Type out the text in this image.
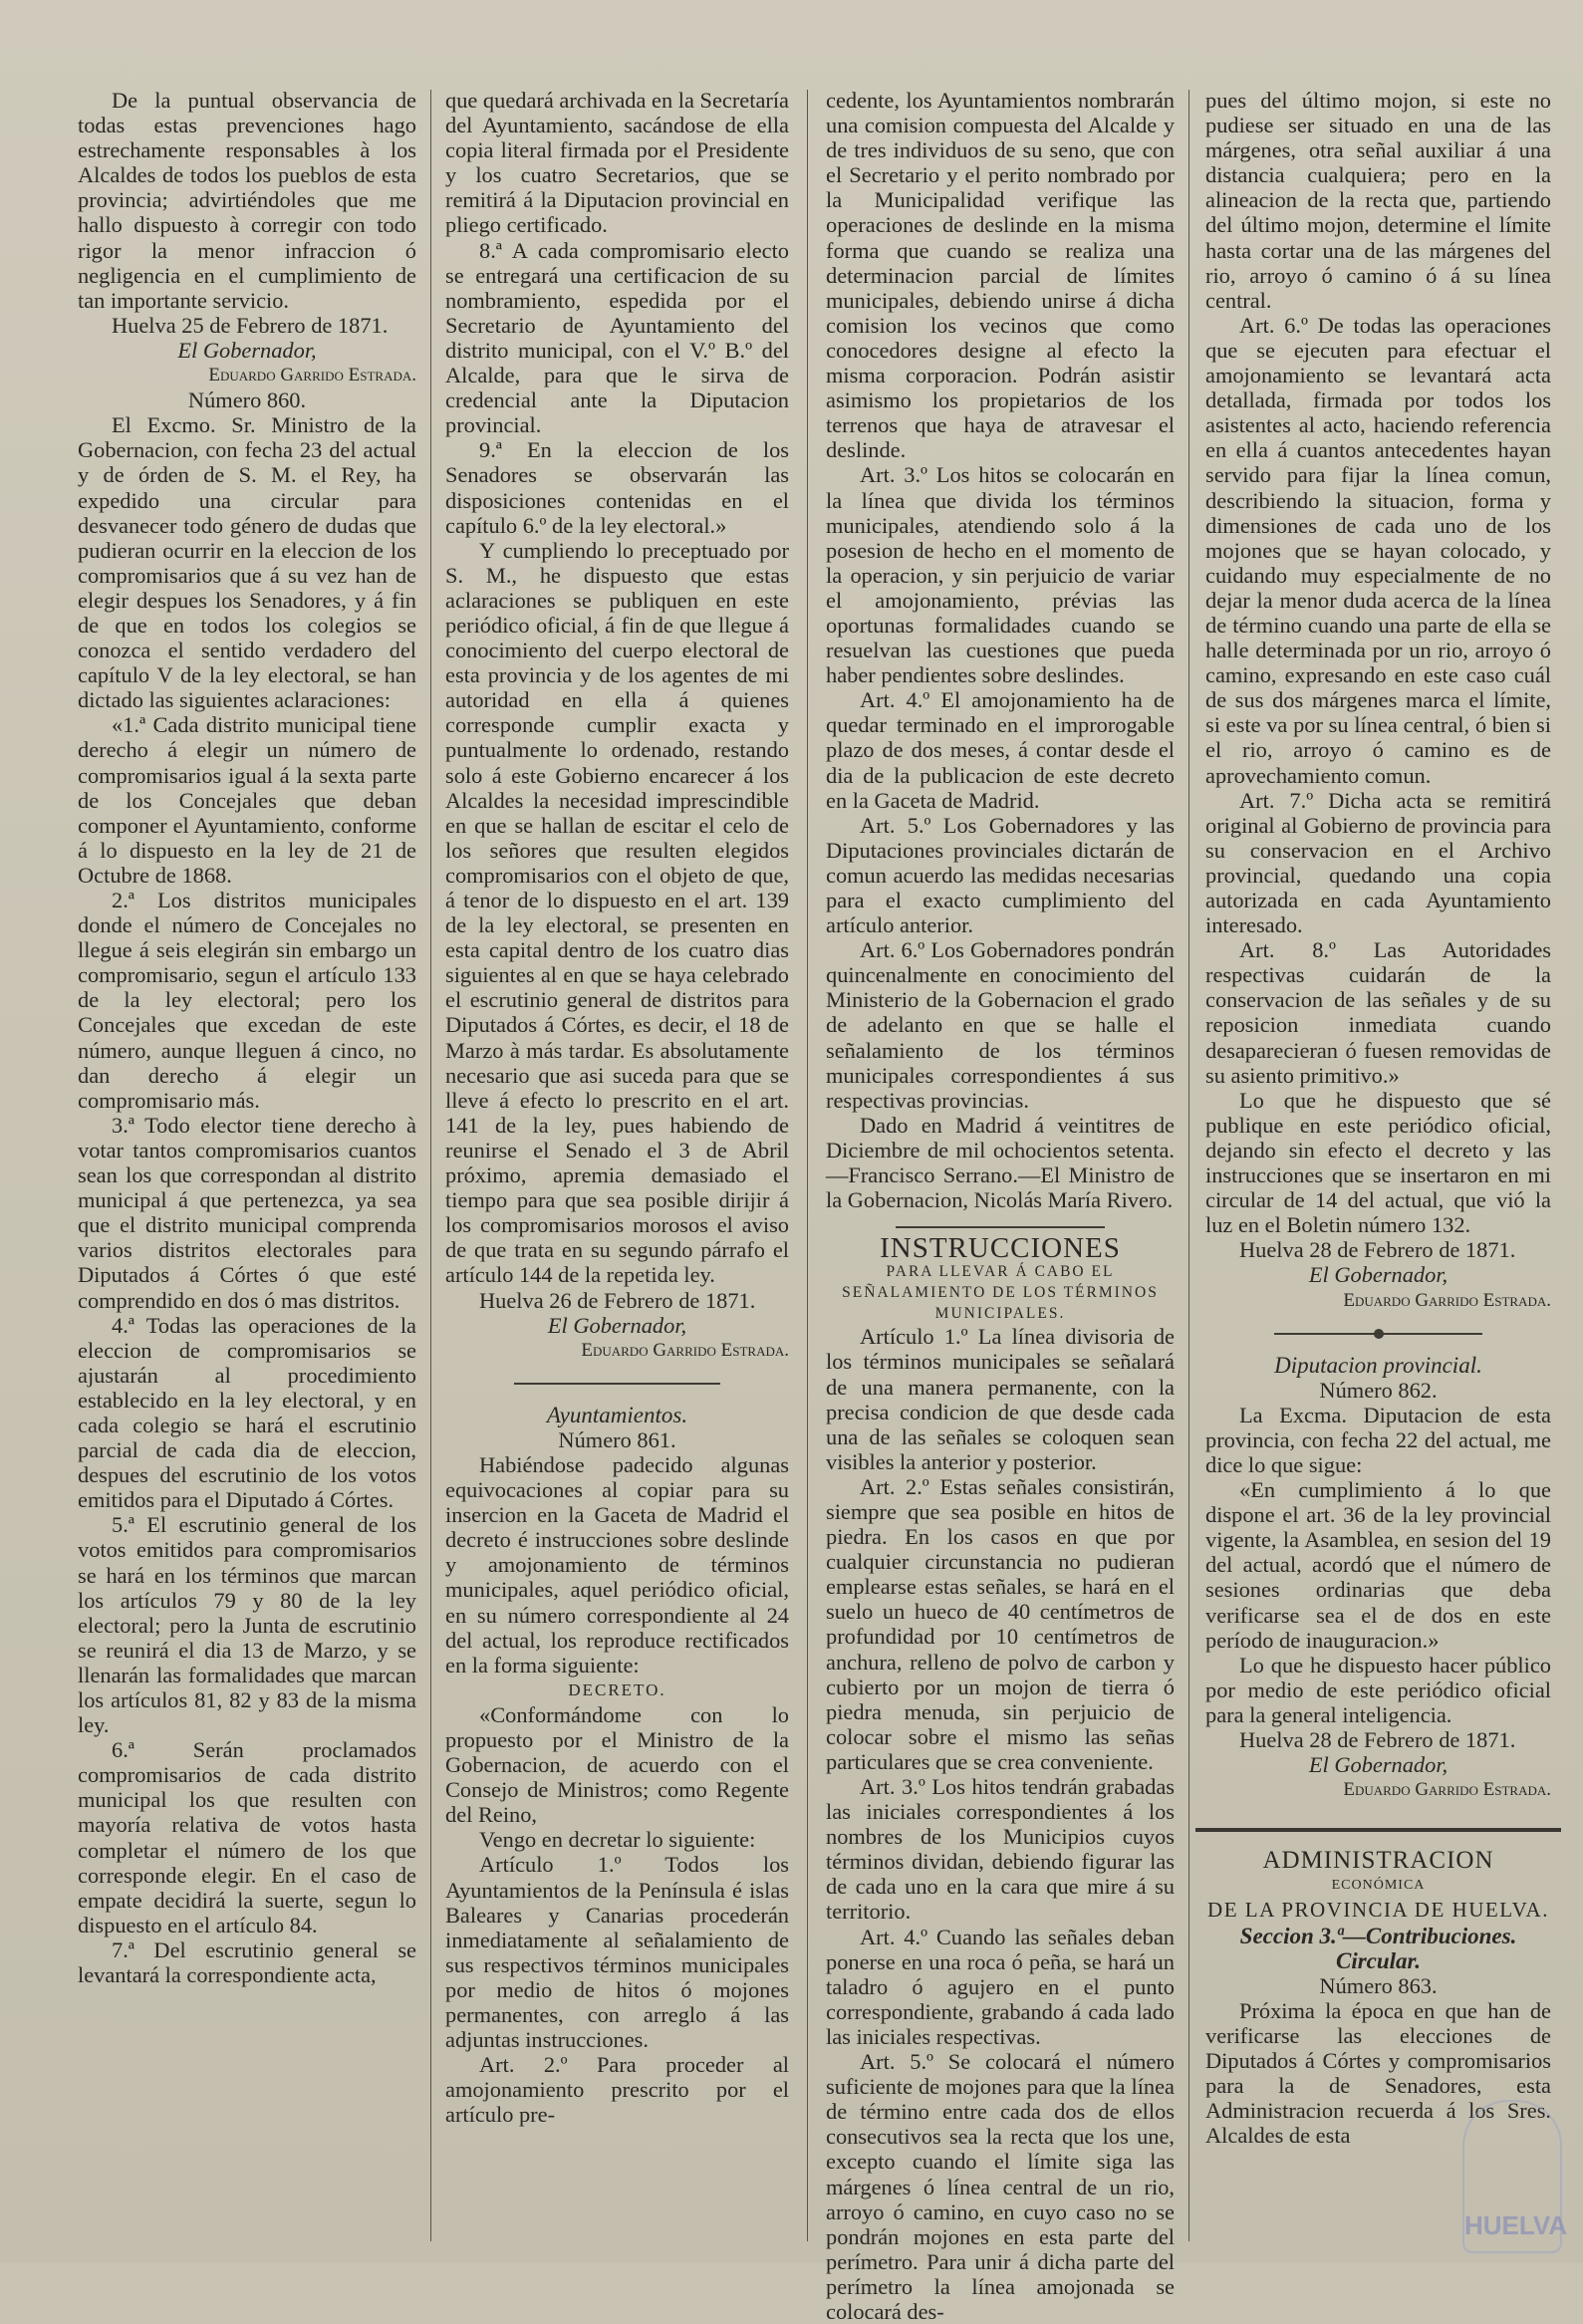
De la puntual observancia de todas estas prevenciones hago estrechamente responsables à los Alcaldes de todos los pueblos de esta provincia; advirtiéndoles que me hallo dispuesto à corregir con todo rigor la menor infraccion ó negligencia en el cumplimiento de tan importante servicio.

Huelva 25 de Febrero de 1871.

El Gobernador,

Eduardo Garrido Estrada.

Número 860.

El Excmo. Sr. Ministro de la Gobernacion, con fecha 23 del actual y de órden de S. M. el Rey, ha expedido una circular para desvanecer todo género de dudas que pudieran ocurrir en la eleccion de los compromisarios que á su vez han de elegir despues los Senadores, y á fin de que en todos los colegios se conozca el sentido verdadero del capítulo V de la ley electoral, se han dictado las siguientes aclaraciones:

«1.ª Cada distrito municipal tiene derecho á elegir un número de compromisarios igual á la sexta parte de los Concejales que deban componer el Ayuntamiento, conforme á lo dispuesto en la ley de 21 de Octubre de 1868.

2.ª Los distritos municipales donde el número de Concejales no llegue á seis elegirán sin embargo un compromisario, segun el artículo 133 de la ley electoral; pero los Concejales que excedan de este número, aunque lleguen á cinco, no dan derecho á elegir un compromisario más.

3.ª Todo elector tiene derecho à votar tantos compromisarios cuantos sean los que correspondan al distrito municipal á que pertenezca, ya sea que el distrito municipal comprenda varios distritos electorales para Diputados á Córtes ó que esté comprendido en dos ó mas distritos.

4.ª Todas las operaciones de la eleccion de compromisarios se ajustarán al procedimiento establecido en la ley electoral, y en cada colegio se hará el escrutinio parcial de cada dia de eleccion, despues del escrutinio de los votos emitidos para el Diputado á Córtes.

5.ª El escrutinio general de los votos emitidos para compromisarios se hará en los términos que marcan los artículos 79 y 80 de la ley electoral; pero la Junta de escrutinio se reunirá el dia 13 de Marzo, y se llenarán las formalidades que marcan los artículos 81, 82 y 83 de la misma ley.

6.ª Serán proclamados compromisarios de cada distrito municipal los que resulten con mayoría relativa de votos hasta completar el número de los que corresponde elegir. En el caso de empate decidirá la suerte, segun lo dispuesto en el artículo 84.

7.ª Del escrutinio general se levantará la correspondiente acta,

que quedará archivada en la Secretaría del Ayuntamiento, sacándose de ella copia literal firmada por el Presidente y los cuatro Secretarios, que se remitirá á la Diputacion provincial en pliego certificado.

8.ª A cada compromisario electo se entregará una certificacion de su nombramiento, espedida por el Secretario de Ayuntamiento del distrito municipal, con el V.º B.º del Alcalde, para que le sirva de credencial ante la Diputacion provincial.

9.ª En la eleccion de los Senadores se observarán las disposiciones contenidas en el capítulo 6.º de la ley electoral.»

Y cumpliendo lo preceptuado por S. M., he dispuesto que estas aclaraciones se publiquen en este periódico oficial, á fin de que llegue á conocimiento del cuerpo electoral de esta provincia y de los agentes de mi autoridad en ella á quienes corresponde cumplir exacta y puntualmente lo ordenado, restando solo á este Gobierno encarecer á los Alcaldes la necesidad imprescindible en que se hallan de escitar el celo de los señores que resulten elegidos compromisarios con el objeto de que, á tenor de lo dispuesto en el art. 139 de la ley electoral, se presenten en esta capital dentro de los cuatro dias siguientes al en que se haya celebrado el escrutinio general de distritos para Diputados á Córtes, es decir, el 18 de Marzo à más tardar. Es absolutamente necesario que asi suceda para que se lleve á efecto lo prescrito en el art. 141 de la ley, pues habiendo de reunirse el Senado el 3 de Abril próximo, apremia demasiado el tiempo para que sea posible dirijir á los compromisarios morosos el aviso de que trata en su segundo párrafo el artículo 144 de la repetida ley.

Huelva 26 de Febrero de 1871.

El Gobernador,

Eduardo Garrido Estrada.

Ayuntamientos.

Número 861.

Habiéndose padecido algunas equivocaciones al copiar para su insercion en la Gaceta de Madrid el decreto é instrucciones sobre deslinde y amojonamiento de términos municipales, aquel periódico oficial, en su número correspondiente al 24 del actual, los reproduce rectificados en la forma siguiente:

DECRETO.

«Conformándome con lo propuesto por el Ministro de la Gobernacion, de acuerdo con el Consejo de Ministros; como Regente del Reino,

Vengo en decretar lo siguiente:

Artículo 1.º Todos los Ayuntamientos de la Península é islas Baleares y Canarias procederán inmediatamente al señalamiento de sus respectivos términos municipales por medio de hitos ó mojones permanentes, con arreglo á las adjuntas instrucciones.

Art. 2.º Para proceder al amojonamiento prescrito por el artículo pre-

cedente, los Ayuntamientos nombrarán una comision compuesta del Alcalde y de tres individuos de su seno, que con el Secretario y el perito nombrado por la Municipalidad verifique las operaciones de deslinde en la misma forma que cuando se realiza una determinacion parcial de límites municipales, debiendo unirse á dicha comision los vecinos que como conocedores designe al efecto la misma corporacion. Podrán asistir asimismo los propietarios de los terrenos que haya de atravesar el deslinde.

Art. 3.º Los hitos se colocarán en la línea que divida los términos municipales, atendiendo solo á la posesion de hecho en el momento de la operacion, y sin perjuicio de variar el amojonamiento, prévias las oportunas formalidades cuando se resuelvan las cuestiones que pueda haber pendientes sobre deslindes.

Art. 4.º El amojonamiento ha de quedar terminado en el improrogable plazo de dos meses, á contar desde el dia de la publicacion de este decreto en la Gaceta de Madrid.

Art. 5.º Los Gobernadores y las Diputaciones provinciales dictarán de comun acuerdo las medidas necesarias para el exacto cumplimiento del artículo anterior.

Art. 6.º Los Gobernadores pondrán quincenalmente en conocimiento del Ministerio de la Gobernacion el grado de adelanto en que se halle el señalamiento de los términos municipales correspondientes á sus respectivas provincias.

Dado en Madrid á veintitres de Diciembre de mil ochocientos setenta.—Francisco Serrano.—El Ministro de la Gobernacion, Nicolás María Rivero.

INSTRUCCIONES

PARA LLEVAR Á CABO EL SEÑALAMIENTO DE LOS TÉRMINOS MUNICIPALES.

Artículo 1.º La línea divisoria de los términos municipales se señalará de una manera permanente, con la precisa condicion de que desde cada una de las señales se coloquen sean visibles la anterior y posterior.

Art. 2.º Estas señales consistirán, siempre que sea posible en hitos de piedra. En los casos en que por cualquier circunstancia no pudieran emplearse estas señales, se hará en el suelo un hueco de 40 centímetros de profundidad por 10 centímetros de anchura, relleno de polvo de carbon y cubierto por un mojon de tierra ó piedra menuda, sin perjuicio de colocar sobre el mismo las señas particulares que se crea conveniente.

Art. 3.º Los hitos tendrán grabadas las iniciales correspondientes á los nombres de los Municipios cuyos términos dividan, debiendo figurar las de cada uno en la cara que mire á su territorio.

Art. 4.º Cuando las señales deban ponerse en una roca ó peña, se hará un taladro ó agujero en el punto correspondiente, grabando á cada lado las iniciales respectivas.

Art. 5.º Se colocará el número suficiente de mojones para que la línea de término entre cada dos de ellos consecutivos sea la recta que los une, excepto cuando el límite siga las márgenes ó línea central de un rio, arroyo ó camino, en cuyo caso no se pondrán mojones en esta parte del perímetro. Para unir á dicha parte del perímetro la línea amojonada se colocará des-

pues del último mojon, si este no pudiese ser situado en una de las márgenes, otra señal auxiliar á una distancia cualquiera; pero en la alineacion de la recta que, partiendo del último mojon, determine el límite hasta cortar una de las márgenes del rio, arroyo ó camino ó á su línea central.

Art. 6.º De todas las operaciones que se ejecuten para efectuar el amojonamiento se levantará acta detallada, firmada por todos los asistentes al acto, haciendo referencia en ella á cuantos antecedentes hayan servido para fijar la línea comun, describiendo la situacion, forma y dimensiones de cada uno de los mojones que se hayan colocado, y cuidando muy especialmente de no dejar la menor duda acerca de la línea de término cuando una parte de ella se halle determinada por un rio, arroyo ó camino, expresando en este caso cuál de sus dos márgenes marca el límite, si este va por su línea central, ó bien si el rio, arroyo ó camino es de aprovechamiento comun.

Art. 7.º Dicha acta se remitirá original al Gobierno de provincia para su conservacion en el Archivo provincial, quedando una copia autorizada en cada Ayuntamiento interesado.

Art. 8.º Las Autoridades respectivas cuidarán de la conservacion de las señales y de su reposicion inmediata cuando desaparecieran ó fuesen removidas de su asiento primitivo.»

Lo que he dispuesto que sé publique en este periódico oficial, dejando sin efecto el decreto y las instrucciones que se insertaron en mi circular de 14 del actual, que vió la luz en el Boletin número 132.

Huelva 28 de Febrero de 1871.

El Gobernador,

Eduardo Garrido Estrada.

Diputacion provincial.

Número 862.

La Excma. Diputacion de esta provincia, con fecha 22 del actual, me dice lo que sigue:

«En cumplimiento á lo que dispone el art. 36 de la ley provincial vigente, la Asamblea, en sesion del 19 del actual, acordó que el número de sesiones ordinarias que deba verificarse sea el de dos en este período de inauguracion.»

Lo que he dispuesto hacer público por medio de este periódico oficial para la general inteligencia.

Huelva 28 de Febrero de 1871.

El Gobernador,

Eduardo Garrido Estrada.

ADMINISTRACION

ECONÓMICA

DE LA PROVINCIA DE HUELVA.

Seccion 3.ª—Contribuciones.

Circular.

Número 863.

Próxima la época en que han de verificarse las elecciones de Diputados á Córtes y compromisarios para la de Senadores, esta Administracion recuerda á los Sres. Alcaldes de esta

HUELVA
